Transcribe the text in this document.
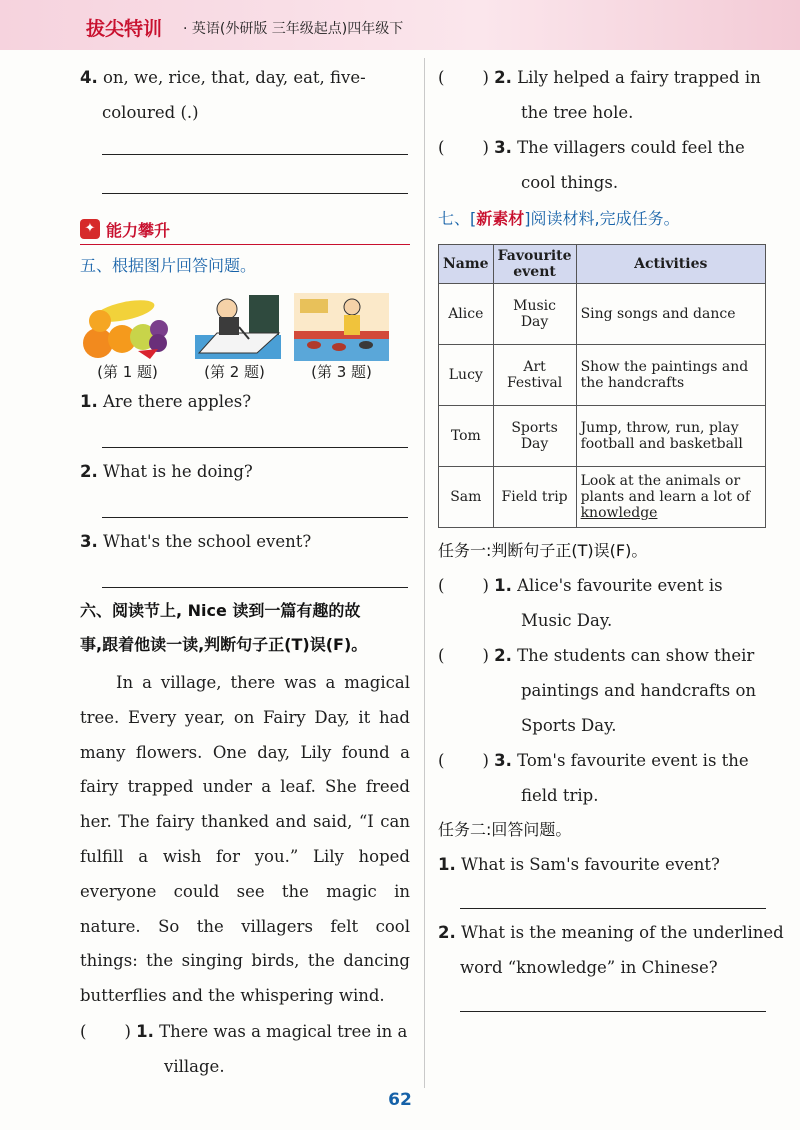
拔尖特训 · 英语(外研版 三年级起点)四年级下
4. on, we, rice, that, day, eat, five-
coloured (.)
✦ 能力攀升
五、根据图片回答问题。
(第 1 题)	(第 2 题)	(第 3 题)
1. Are there apples?
2. What is he doing?
3. What's the school event?
六、阅读节上, Nice 读到一篇有趣的故
事,跟着他读一读,判断句子正(T)误(F)。
In a village, there was a magical tree. Every year, on Fairy Day, it had many flowers. One day, Lily found a fairy trapped under a leaf. She freed her. The fairy thanked and said, “I can fulfill a wish for you.” Lily hoped everyone could see the magic in nature. So the villagers felt cool things: the singing birds, the dancing butterflies and the whispering wind.
( ) 1. There was a magical tree in a
village.
( ) 2. Lily helped a fairy trapped in
the tree hole.
( ) 3. The villagers could feel the
cool things.
七、[新素材]阅读材料,完成任务。
Name	Favourite event	Activities
Alice	Music Day	Sing songs and dance
Lucy	Art Festival	Show the paintings and the handcrafts
Tom	Sports Day	Jump, throw, run, play football and basketball
Sam	Field trip	Look at the animals or plants and learn a lot of knowledge
任务一:判断句子正(T)误(F)。
( ) 1. Alice's favourite event is
Music Day.
( ) 2. The students can show their
paintings and handcrafts on
Sports Day.
( ) 3. Tom's favourite event is the
field trip.
任务二:回答问题。
1. What is Sam's favourite event?
2. What is the meaning of the underlined
word “knowledge” in Chinese?
62
